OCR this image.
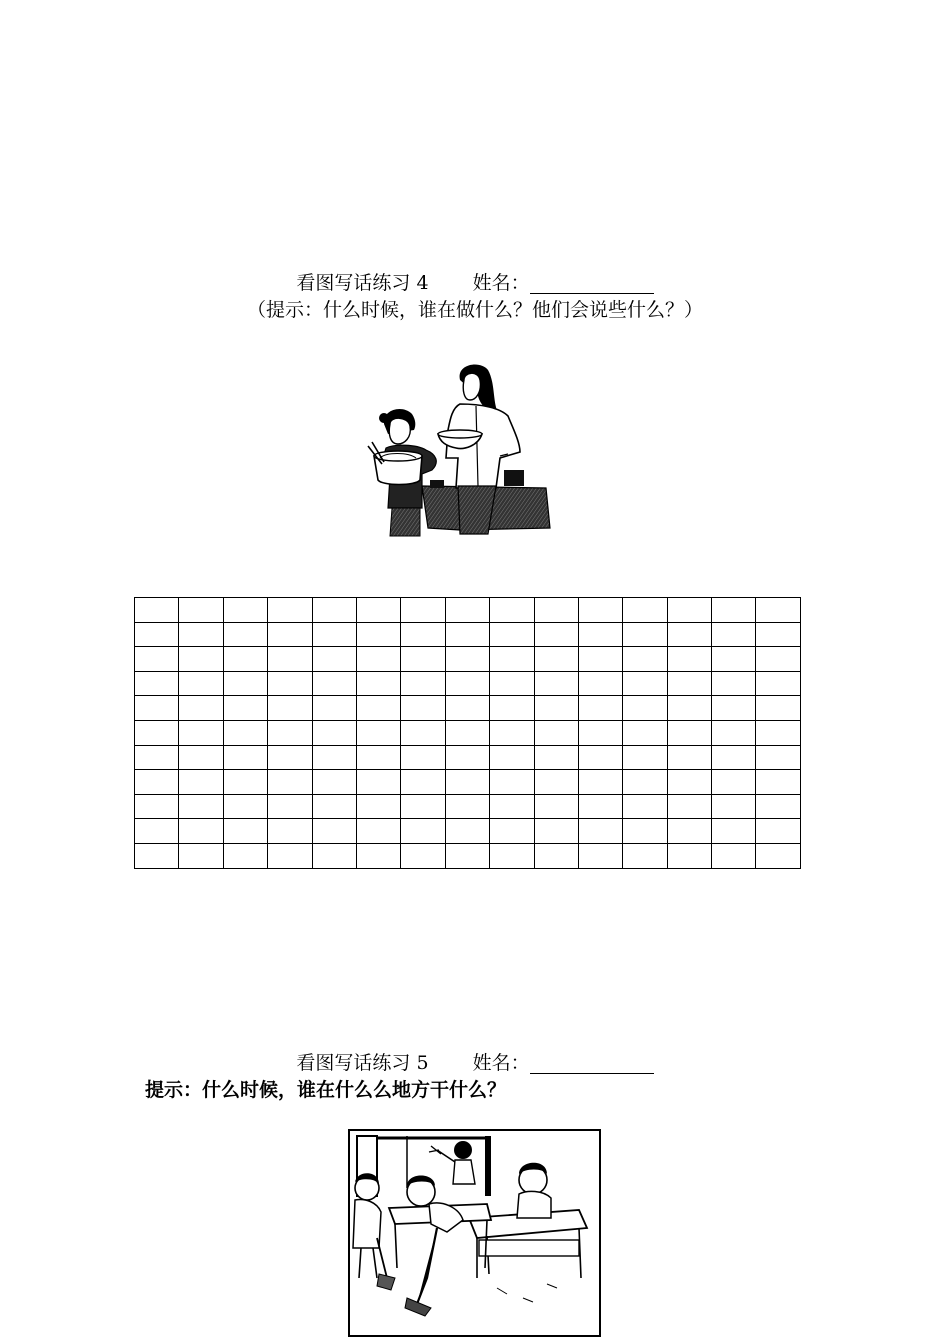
看图写话练习 4 姓名：
（提示：什么时候，谁在做什么？他们会说些什么？）

看图写话练习 5 姓名：
提示：什么时候，谁在什么么地方干什么？
